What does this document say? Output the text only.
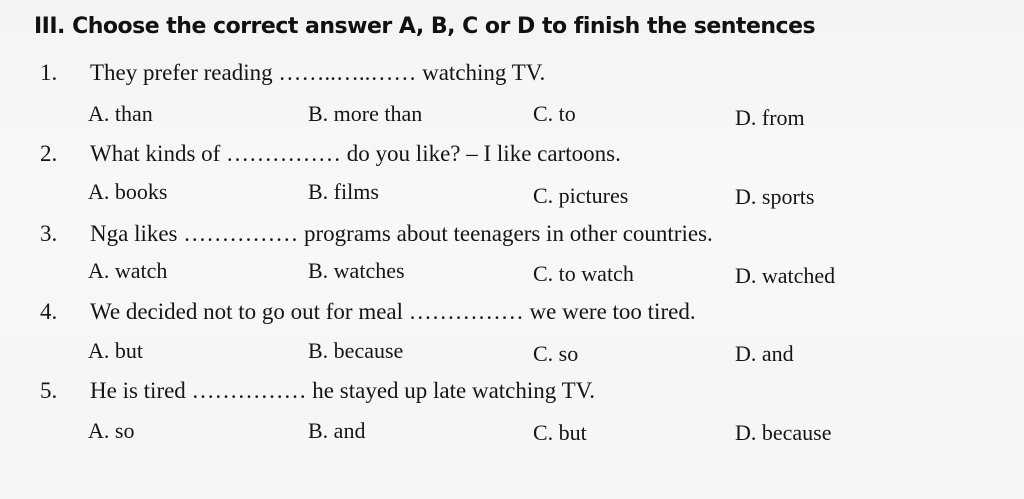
III. Choose the correct answer A, B, C or D to finish the sentences
1. They prefer reading ……..…..…… watching TV.
A. than	B. more than	C. to	D. from
2. What kinds of …………… do you like? – I like cartoons.
A. books	B. films	C. pictures	D. sports
3. Nga likes …………… programs about teenagers in other countries.
A. watch	B. watches	C. to watch	D. watched
4. We decided not to go out for meal …………… we were too tired.
A. but	B. because	C. so	D. and
5. He is tired …………… he stayed up late watching TV.
A. so	B. and	C. but	D. because
